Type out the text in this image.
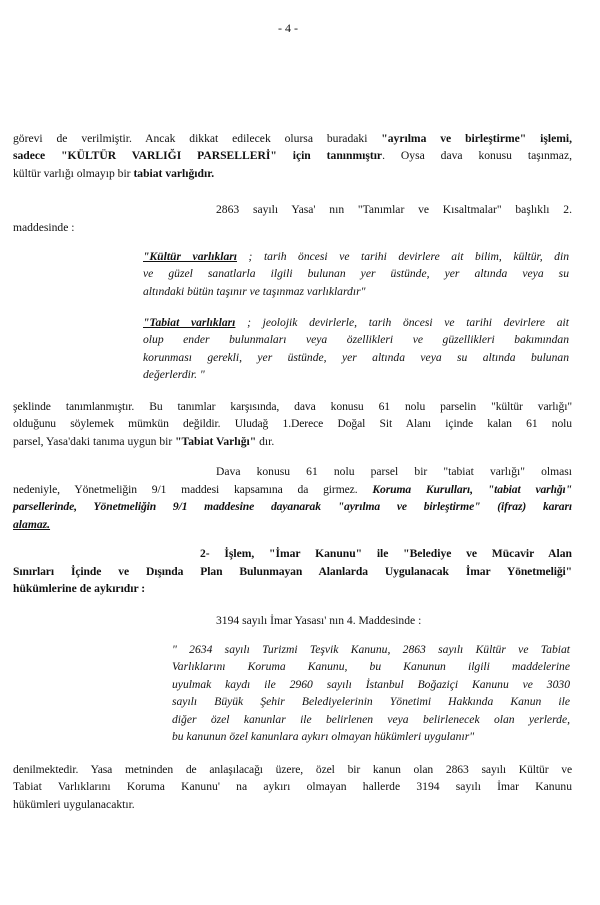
- 4 -
görevi de verilmiştir. Ancak dikkat edilecek olursa buradaki "ayrılma ve birleştirme" işlemi,
sadece "KÜLTÜR VARLIĞI PARSELLERİ" için tanınmıştır. Oysa dava konusu taşınmaz,
kültür varlığı olmayıp bir tabiat varlığıdır.
2863 sayılı Yasa' nın "Tanımlar ve Kısaltmalar" başlıklı 2.
maddesinde :
"Kültür varlıkları ; tarih öncesi ve tarihi devirlere ait bilim, kültür, din
ve güzel sanatlarla ilgili bulunan yer üstünde, yer altında veya su
altındaki bütün taşınır ve taşınmaz varlıklardır"
"Tabiat varlıkları ; jeolojik devirlerle, tarih öncesi ve tarihi devirlere ait
olup ender bulunmaları veya özellikleri ve güzellikleri bakımından
korunması gerekli, yer üstünde, yer altında veya su altında bulunan
değerlerdir. "
şeklinde tanımlanmıştır. Bu tanımlar karşısında, dava konusu 61 nolu parselin "kültür varlığı"
olduğunu söylemek mümkün değildir. Uludağ 1.Derece Doğal Sit Alanı içinde kalan 61 nolu
parsel, Yasa'daki tanıma uygun bir "Tabiat Varlığı" dır.
Dava konusu 61 nolu parsel bir "tabiat varlığı" olması
nedeniyle, Yönetmeliğin 9/1 maddesi kapsamına da girmez. Koruma Kurulları, "tabiat varlığı"
parsellerinde, Yönetmeliğin 9/1 maddesine dayanarak "ayrılma ve birleştirme" (ifraz) kararı
alamaz.
2- İşlem, "İmar Kanunu" ile "Belediye ve Mücavir Alan
Sınırları İçinde ve Dışında Plan Bulunmayan Alanlarda Uygulanacak İmar Yönetmeliği"
hükümlerine de aykırıdır :
3194 sayılı İmar Yasası' nın 4. Maddesinde :
" 2634 sayılı Turizmi Teşvik Kanunu, 2863 sayılı Kültür ve Tabiat
Varlıklarını Koruma Kanunu, bu Kanunun ilgili maddelerine
uyulmak kaydı ile 2960 sayılı İstanbul Boğaziçi Kanunu ve 3030
sayılı Büyük Şehir Belediyelerinin Yönetimi Hakkında Kanun ile
diğer özel kanunlar ile belirlenen veya belirlenecek olan yerlerde,
bu kanunun özel kanunlara aykırı olmayan hükümleri uygulanır"
denilmektedir. Yasa metninden de anlaşılacağı üzere, özel bir kanun olan 2863 sayılı Kültür ve
Tabiat Varlıklarını Koruma Kanunu' na aykırı olmayan hallerde 3194 sayılı İmar Kanunu
hükümleri uygulanacaktır.
